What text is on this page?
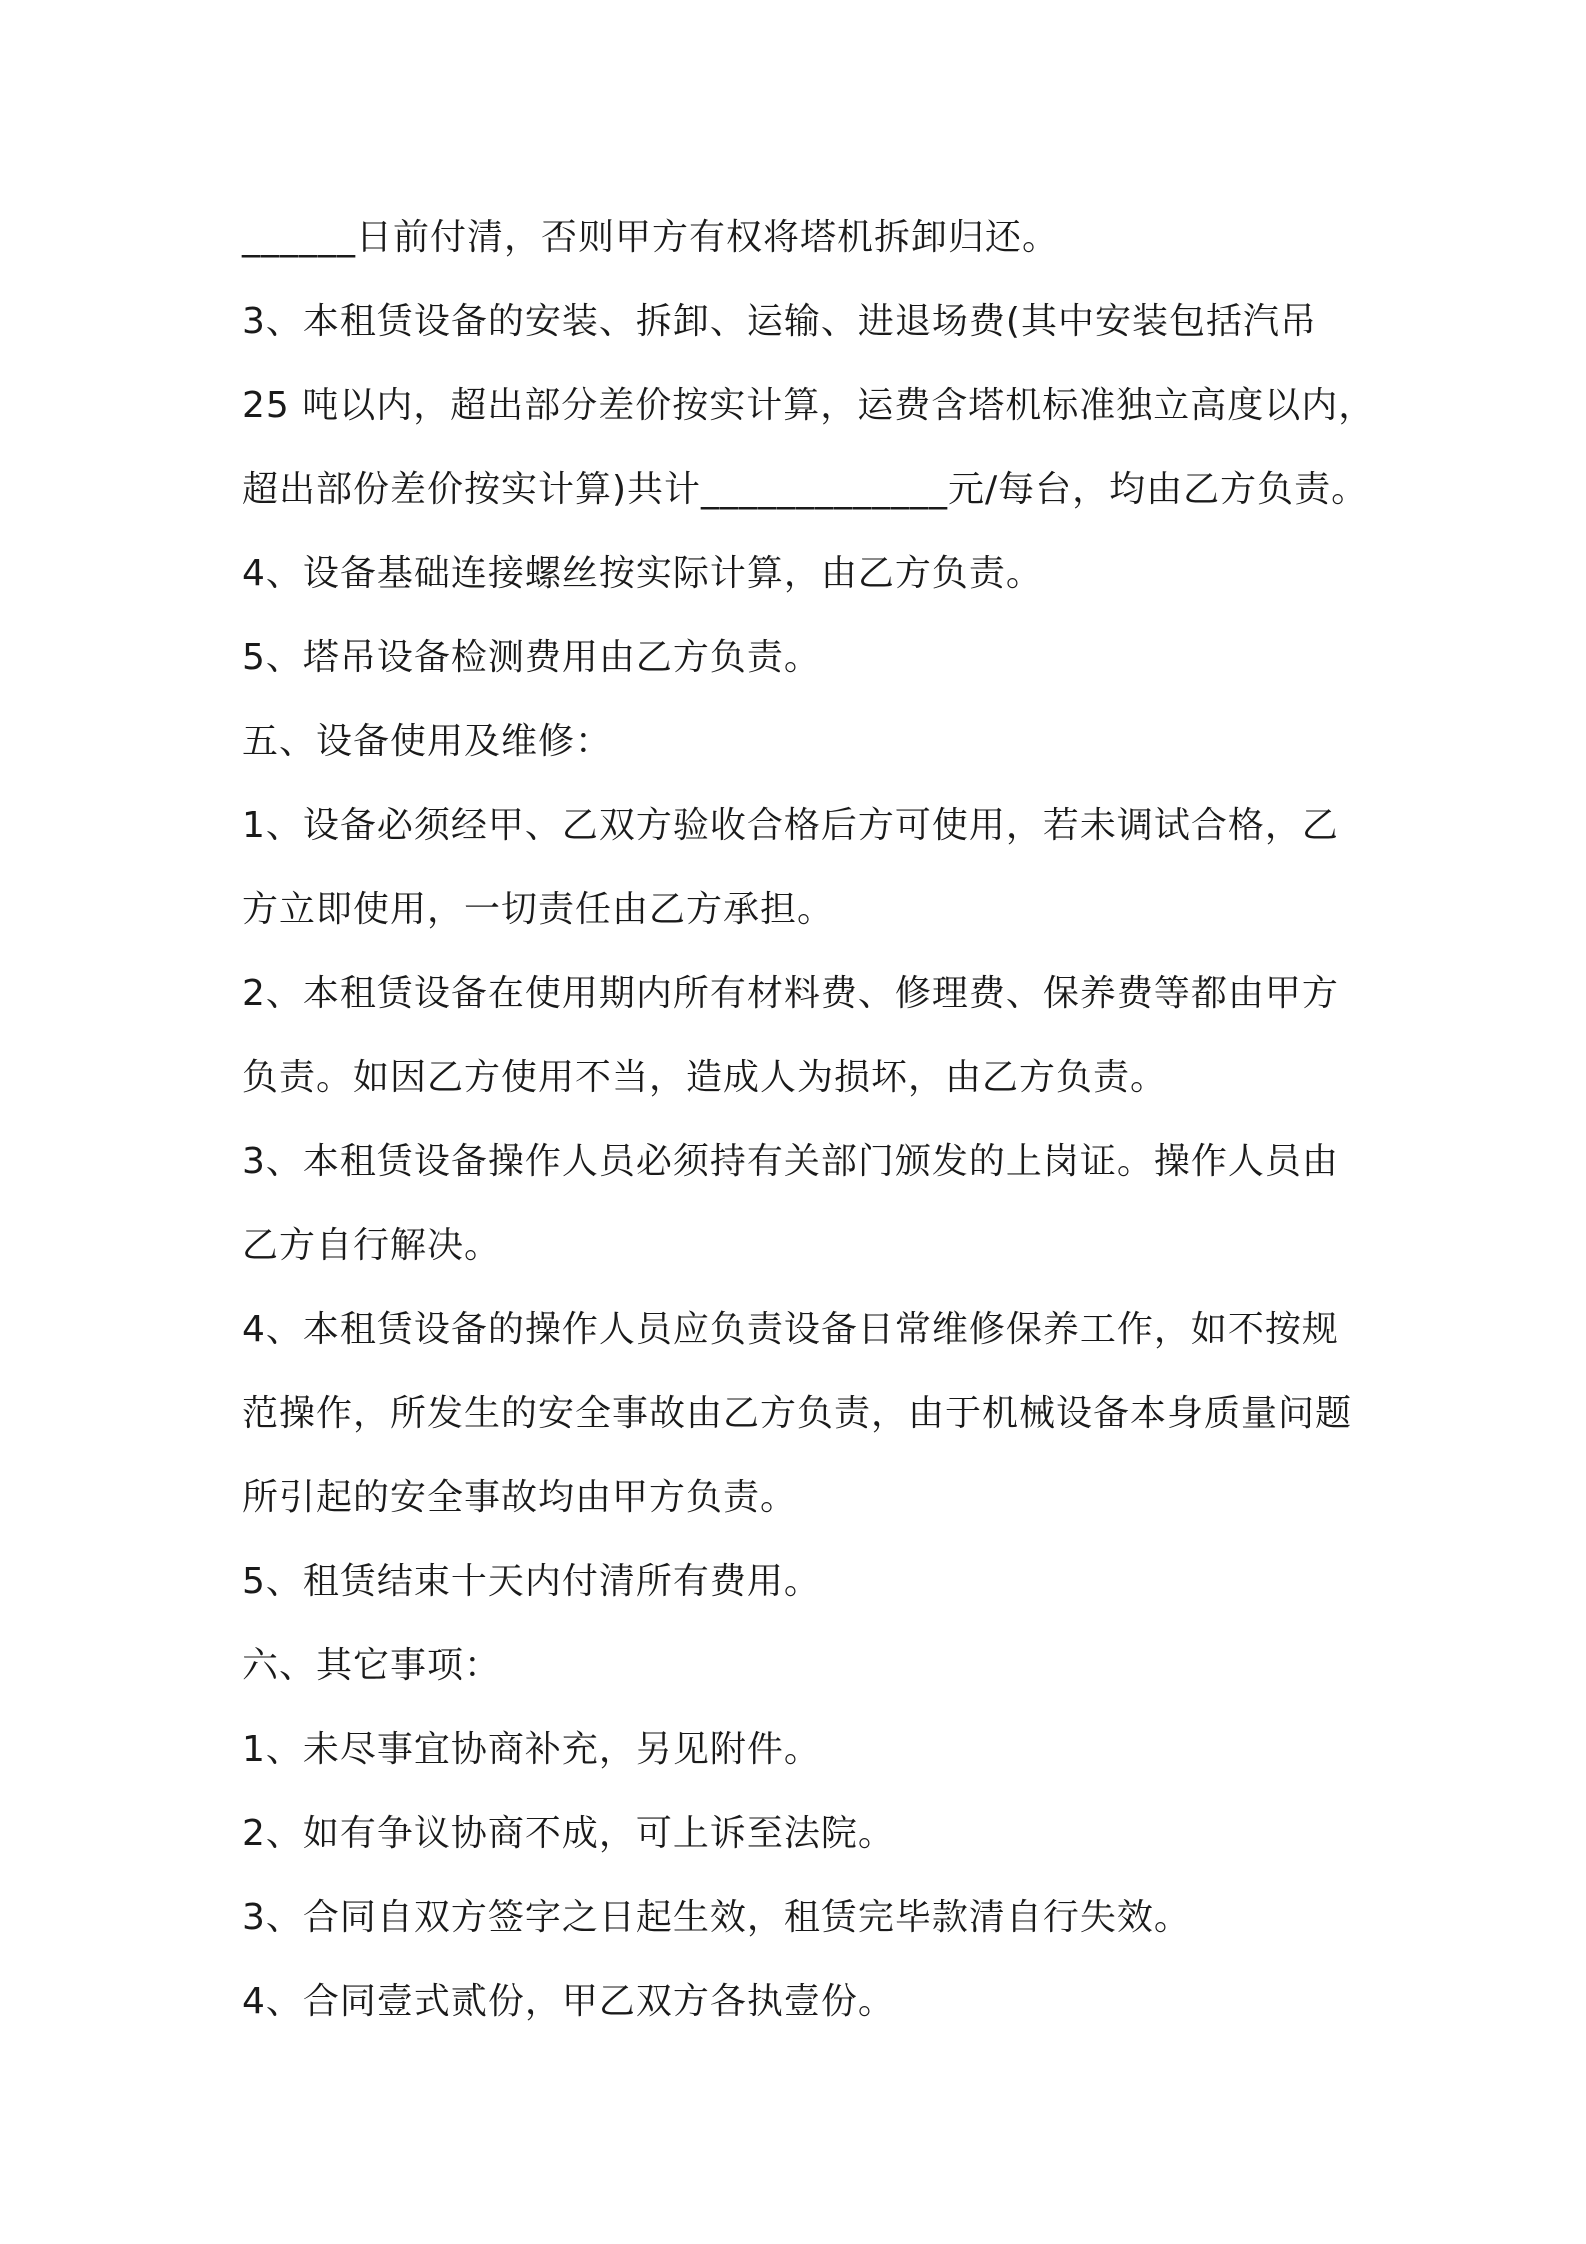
______日前付清，否则甲方有权将塔机拆卸归还。
3、本租赁设备的安装、拆卸、运输、进退场费(其中安装包括汽吊
25 吨以内，超出部分差价按实计算，运费含塔机标准独立高度以内，
超出部份差价按实计算)共计_____________元/每台，均由乙方负责。
4、设备基础连接螺丝按实际计算，由乙方负责。
5、塔吊设备检测费用由乙方负责。
五、设备使用及维修：
1、设备必须经甲、乙双方验收合格后方可使用，若未调试合格，乙
方立即使用，一切责任由乙方承担。
2、本租赁设备在使用期内所有材料费、修理费、保养费等都由甲方
负责。如因乙方使用不当，造成人为损坏，由乙方负责。
3、本租赁设备操作人员必须持有关部门颁发的上岗证。操作人员由
乙方自行解决。
4、本租赁设备的操作人员应负责设备日常维修保养工作，如不按规
范操作，所发生的安全事故由乙方负责，由于机械设备本身质量问题
所引起的安全事故均由甲方负责。
5、租赁结束十天内付清所有费用。
六、其它事项：
1、未尽事宜协商补充，另见附件。
2、如有争议协商不成，可上诉至法院。
3、合同自双方签字之日起生效，租赁完毕款清自行失效。
4、合同壹式贰份，甲乙双方各执壹份。
